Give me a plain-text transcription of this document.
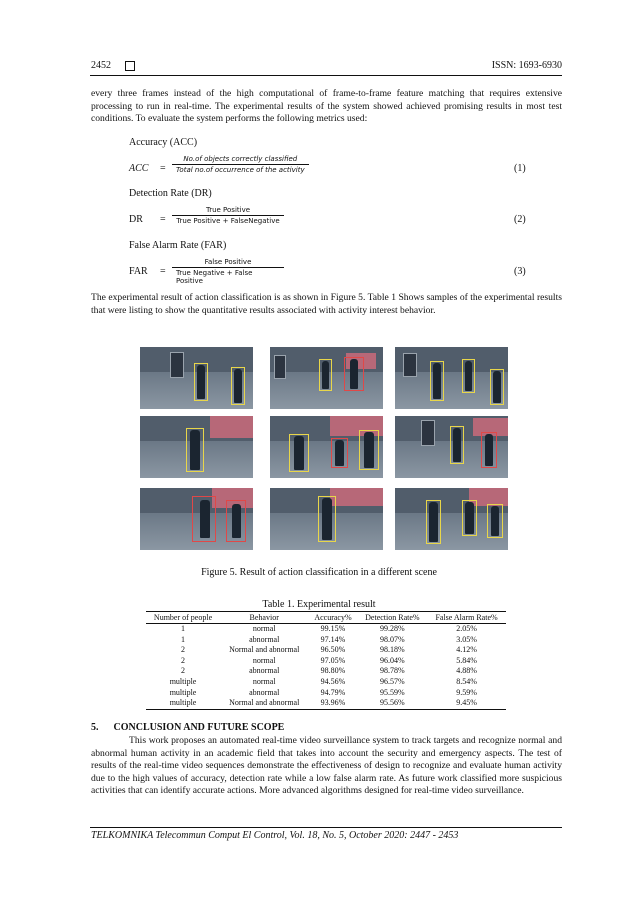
2452	ISSN: 1693-6930
every three frames instead of the high computational of frame-to-frame feature matching that requires extensive processing to run in real-time. The experimental results of the system showed achieved promising results in most test conditions. To evaluate the system performs the following metrics used:
Accuracy (ACC)
ACC =
No.of objects correctly classified
Total no.of occurrence of the activity	(1)
Detection Rate (DR)
DR =
True Positive
True Positive + FalseNegative	(2)
False Alarm Rate (FAR)
FAR =
False Positive
True Negative + False Positive
(3)
The experimental result of action classification is as shown in Figure 5. Table 1 Shows samples of the experimental results that were listing to show the quantitative results associated with activity interest behavior.
Figure 5. Result of action classification in a different scene
Table 1. Experimental result
Number of people	Behavior	Accuracy%	Detection Rate%	False Alarm Rate%
1	normal	99.15%	99.28%	2.05%
1	abnormal	97.14%	98.07%	3.05%
2	Normal and abnormal	96.50%	98.18%	4.12%
2	normal	97.05%	96.04%	5.84%
2	abnormal	98.80%	98.78%	4.88%
multiple	normal	94.56%	96.57%	8.54%
multiple	abnormal	94.79%	95.59%	9.59%
multiple	Normal and abnormal	93.96%	95.56%	9.45%
5.      CONCLUSION AND FUTURE SCOPE
This work proposes an automated real-time video surveillance system to track targets and recognize normal and abnormal human activity in an academic field that takes into account the security and emergency aspects. The test of results of the real-time video sequences demonstrate the effectiveness of design to recognize and evaluate human activity due to the high values of accuracy, detection rate while a low false alarm rate. As future work classified more suspicious activities that can identify accurate actions. More advanced algorithms designed for real-time video surveillance.
TELKOMNIKA Telecommun Comput El Control, Vol. 18, No. 5, October 2020: 2447 - 2453
